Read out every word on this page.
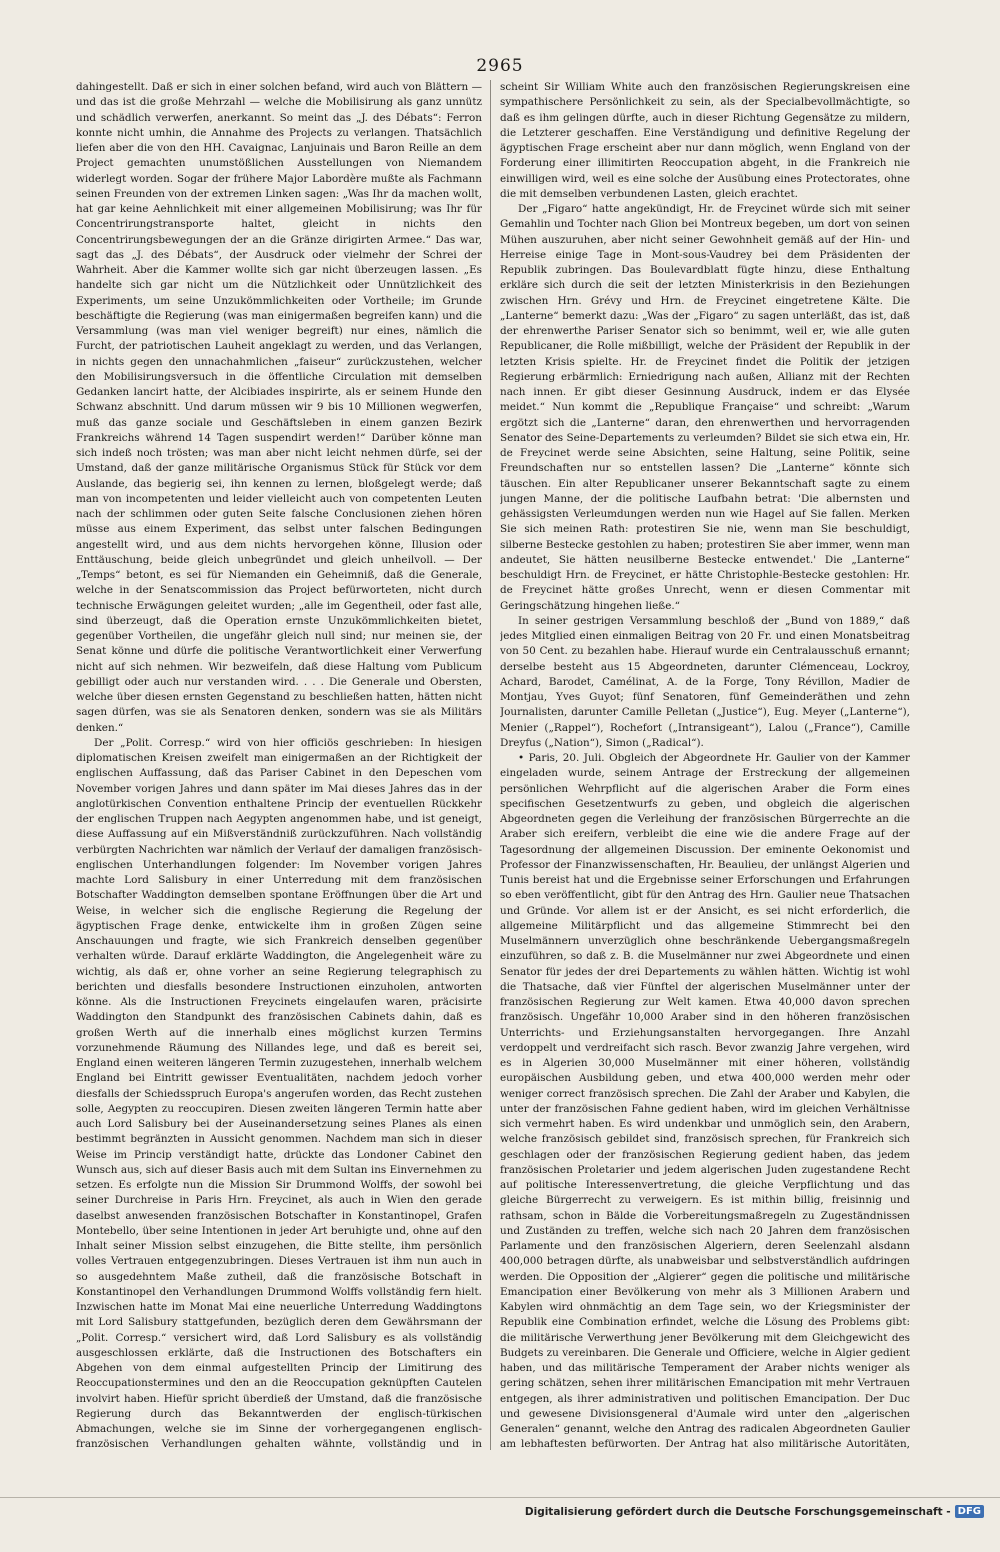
2965

dahingestellt. Daß er sich in einer solchen befand, wird auch von Blättern — und das ist die große Mehrzahl — welche die Mobilisirung als ganz unnütz und schädlich verwerfen, anerkannt. So meint das „J. des Débats“: Ferron konnte nicht umhin, die Annahme des Projects zu verlangen. Thatsächlich liefen aber die von den HH. Cavaignac, Lanjuinais und Baron Reille an dem Project gemachten unumstößlichen Ausstellungen von Niemandem widerlegt worden. Sogar der frühere Major Labordère mußte als Fachmann seinen Freunden von der extremen Linken sagen: „Was Ihr da machen wollt, hat gar keine Aehnlichkeit mit einer allgemeinen Mobilisirung; was Ihr für Concentrirungstransporte haltet, gleicht in nichts den Concentrirungsbewegungen der an die Gränze dirigirten Armee.“ Das war, sagt das „J. des Débats“, der Ausdruck oder vielmehr der Schrei der Wahrheit. Aber die Kammer wollte sich gar nicht überzeugen lassen. „Es handelte sich gar nicht um die Nützlichkeit oder Unnützlichkeit des Experiments, um seine Unzukömmlichkeiten oder Vortheile; im Grunde beschäftigte die Regierung (was man einigermaßen begreifen kann) und die Versammlung (was man viel weniger begreift) nur eines, nämlich die Furcht, der patriotischen Lauheit angeklagt zu werden, und das Verlangen, in nichts gegen den unnachahmlichen „faiseur“ zurückzustehen, welcher den Mobilisirungsversuch in die öffentliche Circulation mit demselben Gedanken lancirt hatte, der Alcibiades inspirirte, als er seinem Hunde den Schwanz abschnitt. Und darum müssen wir 9 bis 10 Millionen wegwerfen, muß das ganze sociale und Geschäftsleben in einem ganzen Bezirk Frankreichs während 14 Tagen suspendirt werden!“ Darüber könne man sich indeß noch trösten; was man aber nicht leicht nehmen dürfe, sei der Umstand, daß der ganze militärische Organismus Stück für Stück vor dem Auslande, das begierig sei, ihn kennen zu lernen, bloßgelegt werde; daß man von incompetenten und leider vielleicht auch von competenten Leuten nach der schlimmen oder guten Seite falsche Conclusionen ziehen hören müsse aus einem Experiment, das selbst unter falschen Bedingungen angestellt wird, und aus dem nichts hervorgehen könne, Illusion oder Enttäuschung, beide gleich unbegründet und gleich unheilvoll. — Der „Temps“ betont, es sei für Niemanden ein Geheimniß, daß die Generale, welche in der Senatscommission das Project befürworteten, nicht durch technische Erwägungen geleitet wurden; „alle im Gegentheil, oder fast alle, sind überzeugt, daß die Operation ernste Unzukömmlichkeiten bietet, gegenüber Vortheilen, die ungefähr gleich null sind; nur meinen sie, der Senat könne und dürfe die politische Verantwortlichkeit einer Verwerfung nicht auf sich nehmen. Wir bezweifeln, daß diese Haltung vom Publicum gebilligt oder auch nur verstanden wird. . . . Die Generale und Obersten, welche über diesen ernsten Gegenstand zu beschließen hatten, hätten nicht sagen dürfen, was sie als Senatoren denken, sondern was sie als Militärs denken.“

Der „Polit. Corresp.“ wird von hier officiös geschrieben: In hiesigen diplomatischen Kreisen zweifelt man einigermaßen an der Richtigkeit der englischen Auffassung, daß das Pariser Cabinet in den Depeschen vom November vorigen Jahres und dann später im Mai dieses Jahres das in der anglotürkischen Convention enthaltene Princip der eventuellen Rückkehr der englischen Truppen nach Aegypten angenommen habe, und ist geneigt, diese Auffassung auf ein Mißverständniß zurückzuführen. Nach vollständig verbürgten Nachrichten war nämlich der Verlauf der damaligen französisch-englischen Unterhandlungen folgender: Im November vorigen Jahres machte Lord Salisbury in einer Unterredung mit dem französischen Botschafter Waddington demselben spontane Eröffnungen über die Art und Weise, in welcher sich die englische Regierung die Regelung der ägyptischen Frage denke, entwickelte ihm in großen Zügen seine Anschauungen und fragte, wie sich Frankreich denselben gegenüber verhalten würde. Darauf erklärte Waddington, die Angelegenheit wäre zu wichtig, als daß er, ohne vorher an seine Regierung telegraphisch zu berichten und diesfalls besondere Instructionen einzuholen, antworten könne. Als die Instructionen Freycinets eingelaufen waren, präcisirte Waddington den Standpunkt des französischen Cabinets dahin, daß es großen Werth auf die innerhalb eines möglichst kurzen Termins vorzunehmende Räumung des Nillandes lege, und daß es bereit sei, England einen weiteren längeren Termin zuzugestehen, innerhalb welchem England bei Eintritt gewisser Eventualitäten, nachdem jedoch vorher diesfalls der Schiedsspruch Europa's angerufen worden, das Recht zustehen solle, Aegypten zu reoccupiren. Diesen zweiten längeren Termin hatte aber auch Lord Salisbury bei der Auseinandersetzung seines Planes als einen bestimmt begränzten in Aussicht genommen. Nachdem man sich in dieser Weise im Princip verständigt hatte, drückte das Londoner Cabinet den Wunsch aus, sich auf dieser Basis auch mit dem Sultan ins Einvernehmen zu setzen. Es erfolgte nun die Mission Sir Drummond Wolffs, der sowohl bei seiner Durchreise in Paris Hrn. Freycinet, als auch in Wien den gerade daselbst anwesenden französischen Botschafter in Konstantinopel, Grafen Montebello, über seine Intentionen in jeder Art beruhigte und, ohne auf den Inhalt seiner Mission selbst einzugehen, die Bitte stellte, ihm persönlich volles Vertrauen entgegenzubringen. Dieses Vertrauen ist ihm nun auch in so ausgedehntem Maße zutheil, daß die französische Botschaft in Konstantinopel den Verhandlungen Drummond Wolffs vollständig fern hielt. Inzwischen hatte im Monat Mai eine neuerliche Unterredung Waddingtons mit Lord Salisbury stattgefunden, bezüglich deren dem Gewährsmann der „Polit. Corresp.“ versichert wird, daß Lord Salisbury es als vollständig ausgeschlossen erklärte, daß die Instructionen des Botschafters ein Abgehen von dem einmal aufgestellten Princip der Limitirung des Reoccupationstermines und den an die Reoccupation geknüpften Cautelen involvirt haben. Hiefür spricht überdieß der Umstand, daß die französische Regierung durch das Bekanntwerden der englisch-türkischen Abmachungen, welche sie im Sinne der vorhergegangenen englisch-französischen Verhandlungen gehalten wähnte, vollständig und in

scheint Sir William White auch den französischen Regierungskreisen eine sympathischere Persönlichkeit zu sein, als der Specialbevollmächtigte, so daß es ihm gelingen dürfte, auch in dieser Richtung Gegensätze zu mildern, die Letzterer geschaffen. Eine Verständigung und definitive Regelung der ägyptischen Frage erscheint aber nur dann möglich, wenn England von der Forderung einer illimitirten Reoccupation abgeht, in die Frankreich nie einwilligen wird, weil es eine solche der Ausübung eines Protectorates, ohne die mit demselben verbundenen Lasten, gleich erachtet.

Der „Figaro“ hatte angekündigt, Hr. de Freycinet würde sich mit seiner Gemahlin und Tochter nach Glion bei Montreux begeben, um dort von seinen Mühen auszuruhen, aber nicht seiner Gewohnheit gemäß auf der Hin- und Herreise einige Tage in Mont-sous-Vaudrey bei dem Präsidenten der Republik zubringen. Das Boulevardblatt fügte hinzu, diese Enthaltung erkläre sich durch die seit der letzten Ministerkrisis in den Beziehungen zwischen Hrn. Grévy und Hrn. de Freycinet eingetretene Kälte. Die „Lanterne“ bemerkt dazu: „Was der „Figaro“ zu sagen unterläßt, das ist, daß der ehrenwerthe Pariser Senator sich so benimmt, weil er, wie alle guten Republicaner, die Rolle mißbilligt, welche der Präsident der Republik in der letzten Krisis spielte. Hr. de Freycinet findet die Politik der jetzigen Regierung erbärmlich: Erniedrigung nach außen, Allianz mit der Rechten nach innen. Er gibt dieser Gesinnung Ausdruck, indem er das Elysée meidet.“ Nun kommt die „Republique Française“ und schreibt: „Warum ergötzt sich die „Lanterne“ daran, den ehrenwerthen und hervorragenden Senator des Seine-Departements zu verleumden? Bildet sie sich etwa ein, Hr. de Freycinet werde seine Absichten, seine Haltung, seine Politik, seine Freundschaften nur so entstellen lassen? Die „Lanterne“ könnte sich täuschen. Ein alter Republicaner unserer Bekanntschaft sagte zu einem jungen Manne, der die politische Laufbahn betrat: 'Die albernsten und gehässigsten Verleumdungen werden nun wie Hagel auf Sie fallen. Merken Sie sich meinen Rath: protestiren Sie nie, wenn man Sie beschuldigt, silberne Bestecke gestohlen zu haben; protestiren Sie aber immer, wenn man andeutet, Sie hätten neusilberne Bestecke entwendet.' Die „Lanterne“ beschuldigt Hrn. de Freycinet, er hätte Christophle-Bestecke gestohlen: Hr. de Freycinet hätte großes Unrecht, wenn er diesen Commentar mit Geringschätzung hingehen ließe.“

In seiner gestrigen Versammlung beschloß der „Bund von 1889,“ daß jedes Mitglied einen einmaligen Beitrag von 20 Fr. und einen Monatsbeitrag von 50 Cent. zu bezahlen habe. Hierauf wurde ein Centralausschuß ernannt; derselbe besteht aus 15 Abgeordneten, darunter Clémenceau, Lockroy, Achard, Barodet, Camélinat, A. de la Forge, Tony Révillon, Madier de Montjau, Yves Guyot; fünf Senatoren, fünf Gemeinderäthen und zehn Journalisten, darunter Camille Pelletan („Justice“), Eug. Meyer („Lanterne“), Menier („Rappel“), Rochefort („Intransigeant“), Lalou („France“), Camille Dreyfus („Nation“), Simon („Radical“).

• Paris, 20. Juli. Obgleich der Abgeordnete Hr. Gaulier von der Kammer eingeladen wurde, seinem Antrage der Erstreckung der allgemeinen persönlichen Wehrpflicht auf die algerischen Araber die Form eines specifischen Gesetzentwurfs zu geben, und obgleich die algerischen Abgeordneten gegen die Verleihung der französischen Bürgerrechte an die Araber sich ereifern, verbleibt die eine wie die andere Frage auf der Tagesordnung der allgemeinen Discussion. Der eminente Oekonomist und Professor der Finanzwissenschaften, Hr. Beaulieu, der unlängst Algerien und Tunis bereist hat und die Ergebnisse seiner Erforschungen und Erfahrungen so eben veröffentlicht, gibt für den Antrag des Hrn. Gaulier neue Thatsachen und Gründe. Vor allem ist er der Ansicht, es sei nicht erforderlich, die allgemeine Militärpflicht und das allgemeine Stimmrecht bei den Muselmännern unverzüglich ohne beschränkende Uebergangsmaßregeln einzuführen, so daß z. B. die Muselmänner nur zwei Abgeordnete und einen Senator für jedes der drei Departements zu wählen hätten. Wichtig ist wohl die Thatsache, daß vier Fünftel der algerischen Muselmänner unter der französischen Regierung zur Welt kamen. Etwa 40,000 davon sprechen französisch. Ungefähr 10,000 Araber sind in den höheren französischen Unterrichts- und Erziehungsanstalten hervorgegangen. Ihre Anzahl verdoppelt und verdreifacht sich rasch. Bevor zwanzig Jahre vergehen, wird es in Algerien 30,000 Muselmänner mit einer höheren, vollständig europäischen Ausbildung geben, und etwa 400,000 werden mehr oder weniger correct französisch sprechen. Die Zahl der Araber und Kabylen, die unter der französischen Fahne gedient haben, wird im gleichen Verhältnisse sich vermehrt haben. Es wird undenkbar und unmöglich sein, den Arabern, welche französisch gebildet sind, französisch sprechen, für Frankreich sich geschlagen oder der französischen Regierung gedient haben, das jedem französischen Proletarier und jedem algerischen Juden zugestandene Recht auf politische Interessenvertretung, die gleiche Verpflichtung und das gleiche Bürgerrecht zu verweigern. Es ist mithin billig, freisinnig und rathsam, schon in Bälde die Vorbereitungsmaßregeln zu Zugeständnissen und Zuständen zu treffen, welche sich nach 20 Jahren dem französischen Parlamente und den französischen Algeriern, deren Seelenzahl alsdann 400,000 betragen dürfte, als unabweisbar und selbstverständlich aufdringen werden. Die Opposition der „Algierer“ gegen die politische und militärische Emancipation einer Bevölkerung von mehr als 3 Millionen Arabern und Kabylen wird ohnmächtig an dem Tage sein, wo der Kriegsminister der Republik eine Combination erfindet, welche die Lösung des Problems gibt: die militärische Verwerthung jener Bevölkerung mit dem Gleichgewicht des Budgets zu vereinbaren. Die Generale und Officiere, welche in Algier gedient haben, und das militärische Temperament der Araber nichts weniger als gering schätzen, sehen ihrer militärischen Emancipation mit mehr Vertrauen entgegen, als ihrer administrativen und politischen Emancipation. Der Duc und gewesene Divisionsgeneral d'Aumale wird unter den „algerischen Generalen“ genannt, welche den Antrag des radicalen Abgeordneten Gaulier am lebhaftesten befürworten. Der Antrag hat also militärische Autoritäten,

Digitalisierung gefördert durch die Deutsche Forschungsgemeinschaft - DFG
